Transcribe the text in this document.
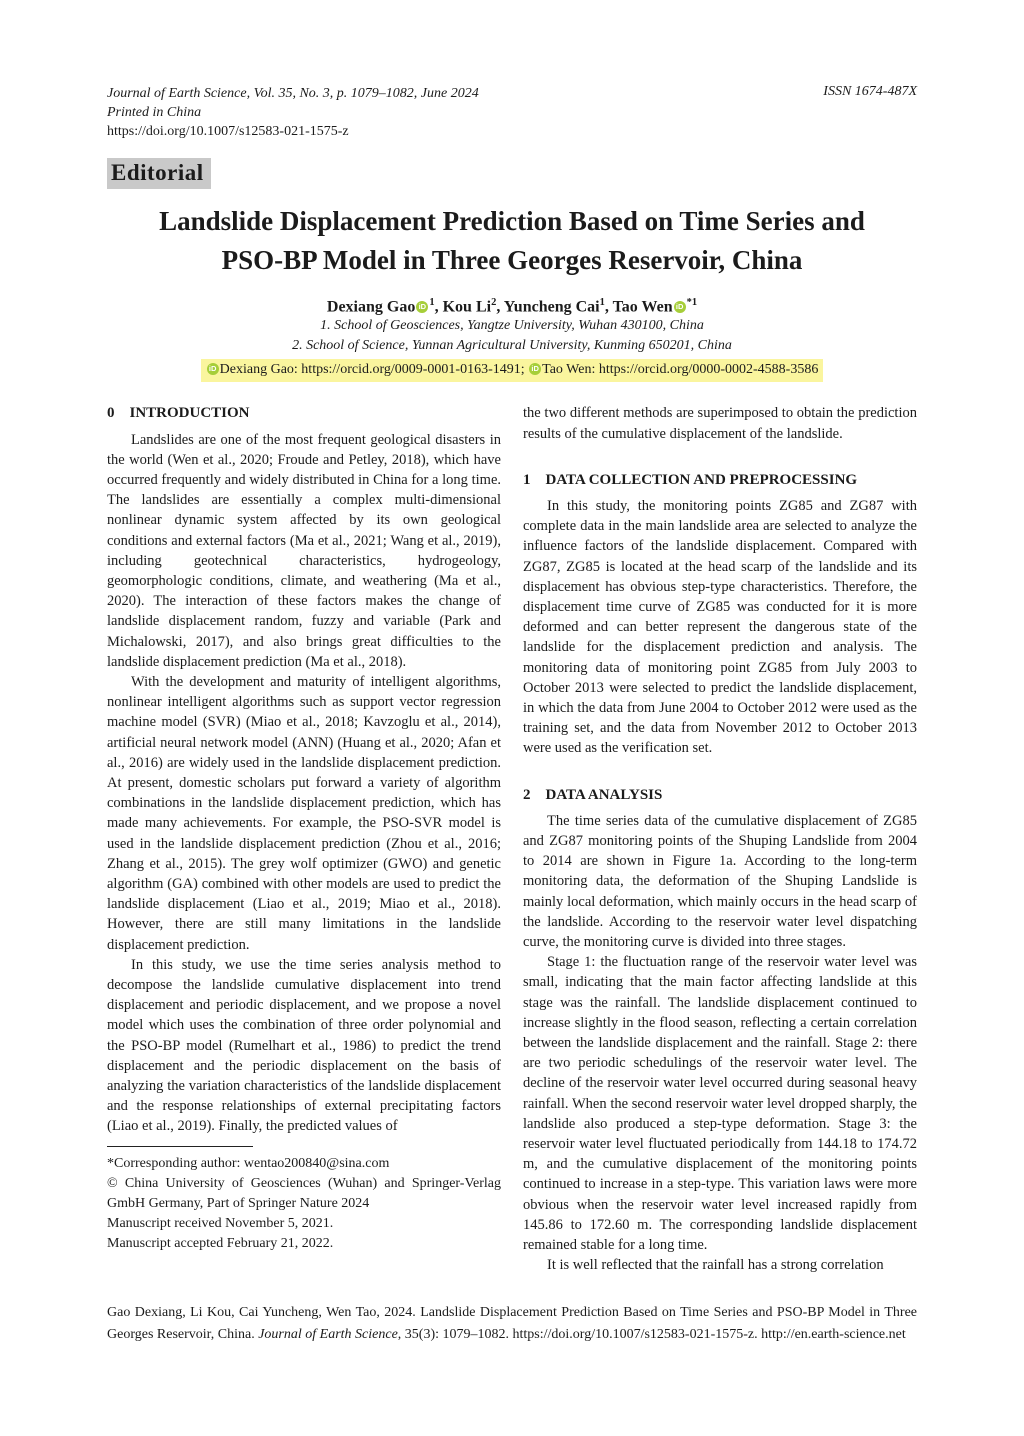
Journal of Earth Science, Vol. 35, No. 3, p. 1079–1082, June 2024
Printed in China
https://doi.org/10.1007/s12583-021-1575-z
ISSN 1674-487X
Editorial
Landslide Displacement Prediction Based on Time Series and
PSO-BP Model in Three Georges Reservoir, China
Dexiang Gao iD $^1$, Kou Li$^2$, Yuncheng Cai$^1$, Tao Wen iD $^{*1}$
1. School of Geosciences, Yangtze University, Wuhan 430100, China
2. School of Science, Yunnan Agricultural University, Kunming 650201, China
iD Dexiang Gao: https://orcid.org/0009-0001-0163-1491; iD Tao Wen: https://orcid.org/0000-0002-4588-3586
0 INTRODUCTION

Landslides are one of the most frequent geological disasters in the world (Wen et al., 2020; Froude and Petley, 2018), which have occurred frequently and widely distributed in China for a long time. The landslides are essentially a complex multi-dimensional nonlinear dynamic system affected by its own geological conditions and external factors (Ma et al., 2021; Wang et al., 2019), including geotechnical characteristics, hydrogeology, geomorphologic conditions, climate, and weathering (Ma et al., 2020). The interaction of these factors makes the change of landslide displacement random, fuzzy and variable (Park and Michalowski, 2017), and also brings great difficulties to the landslide displacement prediction (Ma et al., 2018).

With the development and maturity of intelligent algorithms, nonlinear intelligent algorithms such as support vector regression machine model (SVR) (Miao et al., 2018; Kavzoglu et al., 2014), artificial neural network model (ANN) (Huang et al., 2020; Afan et al., 2016) are widely used in the landslide displacement prediction. At present, domestic scholars put forward a variety of algorithm combinations in the landslide displacement prediction, which has made many achievements. For example, the PSO-SVR model is used in the landslide displacement prediction (Zhou et al., 2016; Zhang et al., 2015). The grey wolf optimizer (GWO) and genetic algorithm (GA) combined with other models are used to predict the landslide displacement (Liao et al., 2019; Miao et al., 2018). However, there are still many limitations in the landslide displacement prediction.

In this study, we use the time series analysis method to decompose the landslide cumulative displacement into trend displacement and periodic displacement, and we propose a novel model which uses the combination of three order polynomial and the PSO-BP model (Rumelhart et al., 1986) to predict the trend displacement and the periodic displacement on the basis of analyzing the variation characteristics of the landslide displacement and the response relationships of external precipitating factors (Liao et al., 2019). Finally, the predicted values of

*Corresponding author: wentao200840@sina.com

© China University of Geosciences (Wuhan) and Springer-Verlag GmbH Germany, Part of Springer Nature 2024

Manuscript received November 5, 2021.

Manuscript accepted February 21, 2022.

the two different methods are superimposed to obtain the prediction results of the cumulative displacement of the landslide.

1 DATA COLLECTION AND PREPROCESSING

In this study, the monitoring points ZG85 and ZG87 with complete data in the main landslide area are selected to analyze the influence factors of the landslide displacement. Compared with ZG87, ZG85 is located at the head scarp of the landslide and its displacement has obvious step-type characteristics. Therefore, the displacement time curve of ZG85 was conducted for it is more deformed and can better represent the dangerous state of the landslide for the displacement prediction and analysis. The monitoring data of monitoring point ZG85 from July 2003 to October 2013 were selected to predict the landslide displacement, in which the data from June 2004 to October 2012 were used as the training set, and the data from November 2012 to October 2013 were used as the verification set.

2 DATA ANALYSIS

The time series data of the cumulative displacement of ZG85 and ZG87 monitoring points of the Shuping Landslide from 2004 to 2014 are shown in Figure 1a. According to the long-term monitoring data, the deformation of the Shuping Landslide is mainly local deformation, which mainly occurs in the head scarp of the landslide. According to the reservoir water level dispatching curve, the monitoring curve is divided into three stages.

Stage 1: the fluctuation range of the reservoir water level was small, indicating that the main factor affecting landslide at this stage was the rainfall. The landslide displacement continued to increase slightly in the flood season, reflecting a certain correlation between the landslide displacement and the rainfall. Stage 2: there are two periodic schedulings of the reservoir water level. The decline of the reservoir water level occurred during seasonal heavy rainfall. When the second reservoir water level dropped sharply, the landslide also produced a step-type deformation. Stage 3: the reservoir water level fluctuated periodically from 144.18 to 174.72 m, and the cumulative displacement of the monitoring points continued to increase in a step-type. This variation laws were more obvious when the reservoir water level increased rapidly from 145.86 to 172.60 m. The corresponding landslide displacement remained stable for a long time.

It is well reflected that the rainfall has a strong correlation

Gao Dexiang, Li Kou, Cai Yuncheng, Wen Tao, 2024. Landslide Displacement Prediction Based on Time Series and PSO-BP Model in Three Georges Reservoir, China. Journal of Earth Science, 35(3): 1079–1082. https://doi.org/10.1007/s12583-021-1575-z. http://en.earth-science.net
